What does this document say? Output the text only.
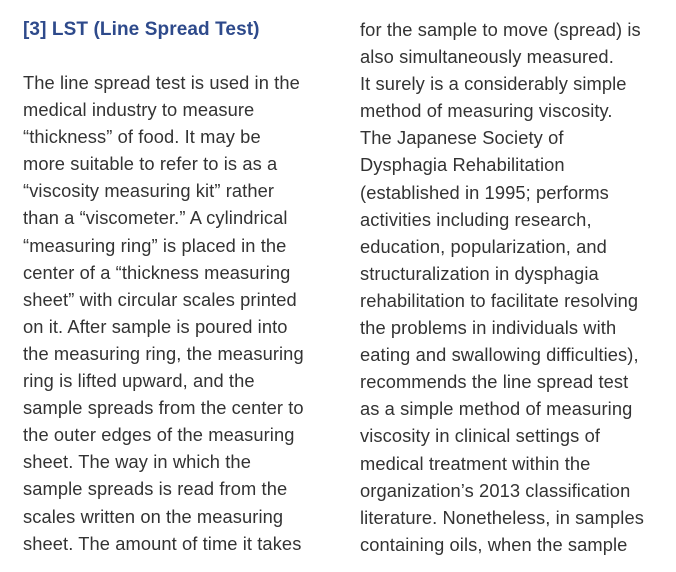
[3] LST (Line Spread Test)
The line spread test is used in the
medical industry to measure
“thickness” of food. It may be
more suitable to refer to is as a
“viscosity measuring kit” rather
than a “viscometer.” A cylindrical
“measuring ring” is placed in the
center of a “thickness measuring
sheet” with circular scales printed
on it. After sample is poured into
the measuring ring, the measuring
ring is lifted upward, and the
sample spreads from the center to
the outer edges of the measuring
sheet. The way in which the
sample spreads is read from the
scales written on the measuring
sheet. The amount of time it takes
for the sample to move (spread) is
also simultaneously measured.
It surely is a considerably simple
method of measuring viscosity.
The Japanese Society of
Dysphagia Rehabilitation
(established in 1995; performs
activities including research,
education, popularization, and
structuralization in dysphagia
rehabilitation to facilitate resolving
the problems in individuals with
eating and swallowing difficulties),
recommends the line spread test
as a simple method of measuring
viscosity in clinical settings of
medical treatment within the
organization’s 2013 classification
literature. Nonetheless, in samples
containing oils, when the sample
